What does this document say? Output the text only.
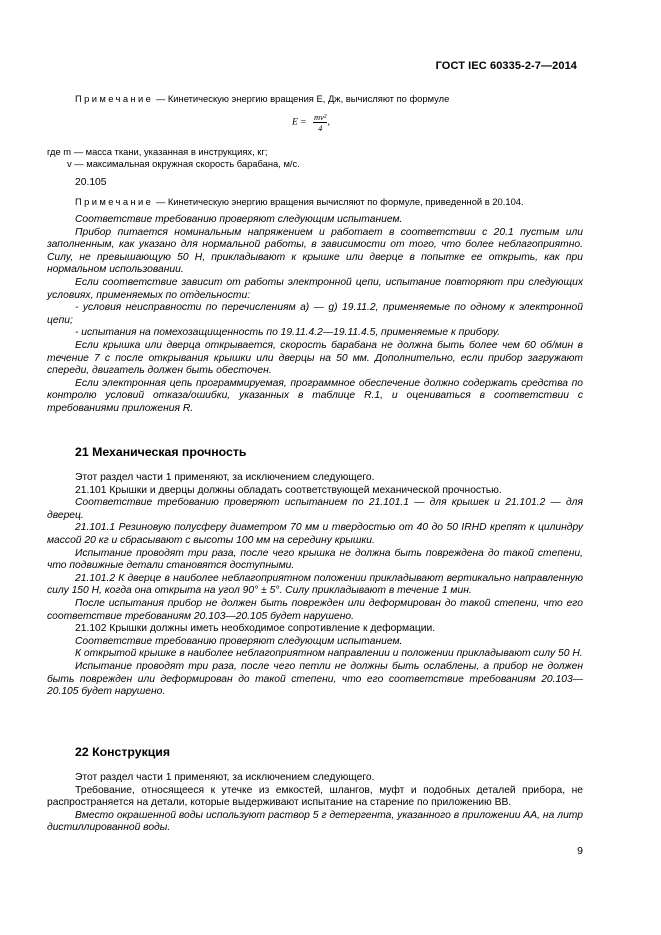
ГОСТ IEC 60335-2-7—2014
Примечание — Кинетическую энергию вращения E, Дж, вычисляют по формуле
$E = \frac{\text{mv²}}{4}$ ,
где m — масса ткани, указанная в инструкциях, кг;
v — максимальная окружная скорость барабана, м/с.
20.105
Примечание — Кинетическую энергию вращения вычисляют по формуле, приведенной в 20.104.
Соответствие требованию проверяют следующим испытанием.
Прибор питается номинальным напряжением и работает в соответствии с 20.1 пустым или заполненным, как указано для нормальной работы, в зависимости от того, что более неблагоприятно. Силу, не превышающую 50 Н, прикладывают к крышке или дверце в попытке ее открыть, как при нормальном использовании.
Если соответствие зависит от работы электронной цепи, испытание повторяют при следующих условиях, применяемых по отдельности:
- условия неисправности по перечислениям a) — g) 19.11.2, применяемые по одному к электронной цепи;
- испытания на помехозащищенность по 19.11.4.2—19.11.4.5, применяемые к прибору.
Если крышка или дверца открывается, скорость барабана не должна быть более чем 60 об/мин в течение 7 с после открывания крышки или дверцы на 50 мм. Дополнительно, если прибор загружают спереди, двигатель должен быть обесточен.
Если электронная цепь программируемая, программное обеспечение должно содержать средства по контролю условий отказа/ошибки, указанных в таблице R.1, и оцениваться в соответствии с требованиями приложения R.
21 Механическая прочность
Этот раздел части 1 применяют, за исключением следующего.
21.101 Крышки и дверцы должны обладать соответствующей механической прочностью.
Соответствие требованию проверяют испытанием по 21.101.1 — для крышек и 21.101.2 — для дверец.
21.101.1 Резиновую полусферу диаметром 70 мм и твердостью от 40 до 50 IRHD крепят к цилиндру массой 20 кг и сбрасывают с высоты 100 мм на середину крышки.
Испытание проводят три раза, после чего крышка не должна быть повреждена до такой степени, что подвижные детали становятся доступными.
21.101.2 К дверце в наиболее неблагоприятном положении прикладывают вертикально направленную силу 150 Н, когда она открыта на угол 90° ± 5°. Силу прикладывают в течение 1 мин.
После испытания прибор не должен быть поврежден или деформирован до такой степени, что его соответствие требованиям 20.103—20.105 будет нарушено.
21.102 Крышки должны иметь необходимое сопротивление к деформации.
Соответствие требованию проверяют следующим испытанием.
К открытой крышке в наиболее неблагоприятном направлении и положении прикладывают силу 50 Н.
Испытание проводят три раза, после чего петли не должны быть ослаблены, а прибор не должен быть поврежден или деформирован до такой степени, что его соответствие требованиям 20.103—20.105 будет нарушено.
22 Конструкция
Этот раздел части 1 применяют, за исключением следующего.
Требование, относящееся к утечке из емкостей, шлангов, муфт и подобных деталей прибора, не распространяется на детали, которые выдерживают испытание на старение по приложению ВВ.
Вместо окрашенной воды используют раствор 5 г детергента, указанного в приложении АА, на литр дистиллированной воды.
9
